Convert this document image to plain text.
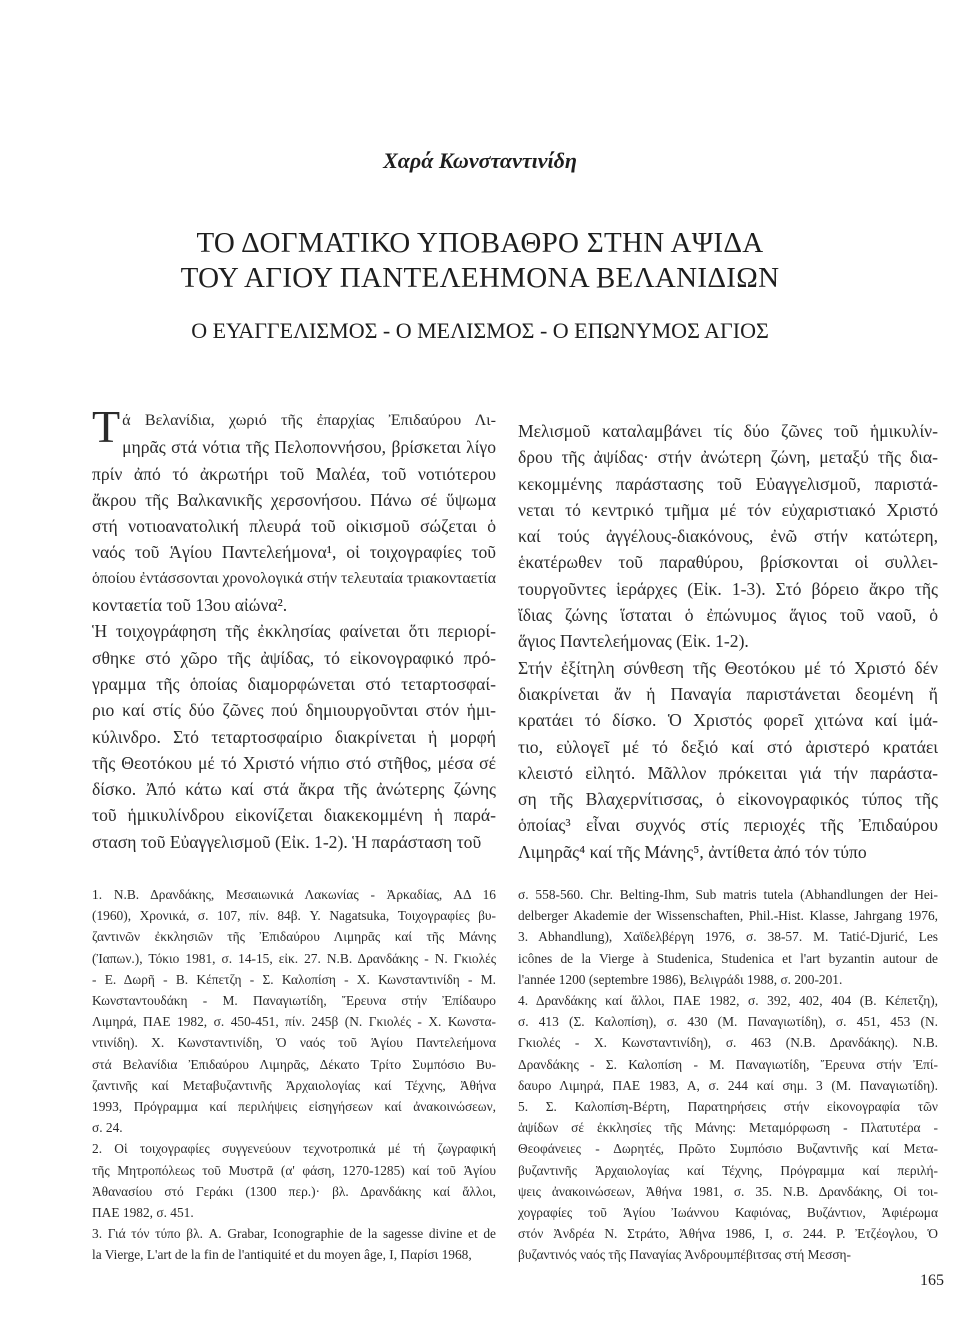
Χαρά Κωνσταντινίδη
ΤΟ ΔΟΓΜΑΤΙΚΟ ΥΠΟΒΑΘΡΟ ΣΤΗΝ ΑΨΙΔΑ
ΤΟΥ ΑΓΙΟΥ ΠΑΝΤΕΛΕΗΜΟΝΑ ΒΕΛΑΝΙΔΙΩΝ
Ο ΕΥΑΓΓΕΛΙΣΜΟΣ - Ο ΜΕΛΙΣΜΟΣ - Ο ΕΠΩΝΥΜΟΣ ΑΓΙΟΣ

Τ ά Βελανίδια, χωριό τῆς ἐπαρχίας Ἐπιδαύρου Λι-
μηρᾶς στά νότια τῆς Πελοποννήσου, βρίσκεται λίγο
πρίν ἀπό τό ἀκρωτήρι τοῦ Μαλέα, τοῦ νοτιότερου
ἄκρου τῆς Βαλκανικῆς χερσονήσου. Πάνω σέ ὕψωμα
στή νοτιοανατολική πλευρά τοῦ οἰκισμοῦ σώζεται ὁ
ναός τοῦ Ἁγίου Παντελεήμονα¹, οἱ τοιχογραφίες τοῦ
ὁποίου ἐντάσσονται χρονολογικά στήν τελευταία τριακονταετία
κονταετία τοῦ 13ου αἰώνα².

Ἡ τοιχογράφηση τῆς ἐκκλησίας φαίνεται ὅτι περιορί-
σθηκε στό χῶρο τῆς ἀψίδας, τό εἰκονογραφικό πρό-
γραμμα τῆς ὁποίας διαμορφώνεται στό τεταρτοσφαί-
ριο καί στίς δύο ζῶνες πού δημιουργοῦνται στόν ἡμι-
κύλινδρο. Στό τεταρτοσφαίριο διακρίνεται ἡ μορφή
τῆς Θεοτόκου μέ τό Χριστό νήπιο στό στῆθος, μέσα σέ
δίσκο. Ἀπό κάτω καί στά ἄκρα τῆς ἀνώτερης ζώνης
τοῦ ἡμικυλίνδρου εἰκονίζεται διακεκομμένη ἡ παρά-
σταση τοῦ Εὐαγγελισμοῦ (Εἰκ. 1-2). Ἡ παράσταση τοῦ

Μελισμοῦ καταλαμβάνει τίς δύο ζῶνες τοῦ ἡμικυλίν-
δρου τῆς ἀψίδας· στήν ἀνώτερη ζώνη, μεταξύ τῆς δια-
κεκομμένης παράστασης τοῦ Εὐαγγελισμοῦ, παριστά-
νεται τό κεντρικό τμῆμα μέ τόν εὐχαριστιακό Χριστό
καί τούς ἀγγέλους-διακόνους, ἐνῶ στήν κατώτερη,
ἑκατέρωθεν τοῦ παραθύρου, βρίσκονται οἱ συλλει-
τουργοῦντες ἱεράρχες (Εἰκ. 1-3). Στό βόρειο ἄκρο τῆς
ἴδιας ζώνης ἵσταται ὁ ἐπώνυμος ἅγιος τοῦ ναοῦ, ὁ
ἅγιος Παντελεήμονας (Εἰκ. 1-2).

Στήν ἐξίτηλη σύνθεση τῆς Θεοτόκου μέ τό Χριστό δέν
διακρίνεται ἄν ἡ Παναγία παριστάνεται δεομένη ἤ
κρατάει τό δίσκο. Ὁ Χριστός φορεῖ χιτώνα καί ἱμά-
τιο, εὐλογεῖ μέ τό δεξιό καί στό ἀριστερό κρατάει
κλειστό εἰλητό. Μᾶλλον πρόκειται γιά τήν παράστα-
ση τῆς Βλαχερνίτισσας, ὁ εἰκονογραφικός τύπος τῆς
ὁποίας³ εἶναι συχνός στίς περιοχές τῆς Ἐπιδαύρου
Λιμηρᾶς⁴ καί τῆς Μάνης⁵, ἀντίθετα ἀπό τόν τύπο

1. Ν.Β. Δρανδάκης, Μεσαιωνικά Λακωνίας - Ἀρκαδίας, ΑΔ 16
(1960), Χρονικά, σ. 107, πίν. 84β. Y. Nagatsuka, Τοιχογραφίες βυ-
ζαντινῶν ἐκκλησιῶν τῆς Ἐπιδαύρου Λιμηρᾶς καί τῆς Μάνης
(Ἰαπων.), Τόκιο 1981, σ. 14-15, εἰκ. 27. Ν.Β. Δρανδάκης - Ν. Γκιολές
- Ε. Δωρῆ - Β. Κέπετζη - Σ. Καλοπίση - Χ. Κωνσταντινίδη - Μ.
Κωνσταντουδάκη - Μ. Παναγιωτίδη, Ἔρευνα στήν Ἐπίδαυρο
Λιμηρά, ΠΑΕ 1982, σ. 450-451, πίν. 245β (Ν. Γκιολές - Χ. Κωνστα-
ντινίδη). Χ. Κωνσταντινίδη, Ὁ ναός τοῦ Ἁγίου Παντελεήμονα
στά Βελανίδια Ἐπιδαύρου Λιμηρᾶς, Δέκατο Τρίτο Συμπόσιο Βυ-
ζαντινῆς καί Μεταβυζαντινῆς Ἀρχαιολογίας καί Τέχνης, Ἀθήνα
1993, Πρόγραμμα καί περιλήψεις εἰσηγήσεων καί ἀνακοινώσεων,
σ. 24.

2. Οἱ τοιχογραφίες συγγενεύουν τεχνοτροπικά μέ τή ζωγραφική
τῆς Μητροπόλεως τοῦ Μυστρᾶ (α' φάση, 1270-1285) καί τοῦ Ἁγίου
Ἀθανασίου στό Γεράκι (1300 περ.)· βλ. Δρανδάκης καί ἄλλοι,
ΠΑΕ 1982, σ. 451.

3. Γιά τόν τύπο βλ. A. Grabar, Iconographie de la sagesse divine et de
la Vierge, L'art de la fin de l'antiquité et du moyen âge, I, Παρίσι 1968,

σ. 558-560. Chr. Belting-Ihm, Sub matris tutela (Abhandlungen der Hei-
delberger Akademie der Wissenschaften, Phil.-Hist. Klasse, Jahrgang 1976,
3. Abhandlung), Χαϊδελβέργη 1976, σ. 38-57. M. Tatić-Djurić, Les
icônes de la Vierge à Studenica, Studenica et l'art byzantin autour de
l'année 1200 (septembre 1986), Βελιγράδι 1988, σ. 200-201.

4. Δρανδάκης καί ἄλλοι, ΠΑΕ 1982, σ. 392, 402, 404 (Β. Κέπετζη),
σ. 413 (Σ. Καλοπίση), σ. 430 (Μ. Παναγιωτίδη), σ. 451, 453 (Ν.
Γκιολές - Χ. Κωνσταντινίδη), σ. 463 (Ν.Β. Δρανδάκης). Ν.Β.
Δρανδάκης - Σ. Καλοπίση - Μ. Παναγιωτίδη, Ἔρευνα στήν Ἐπί-
δαυρο Λιμηρά, ΠΑΕ 1983, Α, σ. 244 καί σημ. 3 (Μ. Παναγιωτίδη).
5. Σ. Καλοπίση-Βέρτη, Παρατηρήσεις στήν εἰκονογραφία τῶν
ἀψίδων σέ ἐκκλησίες τῆς Μάνης: Μεταμόρφωση - Πλατυτέρα -
Θεοφάνειες - Δωρητές, Πρῶτο Συμπόσιο Βυζαντινῆς καί Μετα-
βυζαντινῆς Ἀρχαιολογίας καί Τέχνης, Πρόγραμμα καί περιλή-
ψεις ἀνακοινώσεων, Ἀθήνα 1981, σ. 35. Ν.Β. Δρανδάκης, Οἱ τοι-
χογραφίες τοῦ Ἁγίου Ἰωάννου Καφιόνας, Βυζάντιον, Ἀφιέρωμα
στόν Ἀνδρέα Ν. Στράτο, Ἀθήνα 1986, Ι, σ. 244. Ρ. Ἐτζέογλου, Ὁ
βυζαντινός ναός τῆς Παναγίας Ἀνδρουμπέβιτσας στή Μεσση-

165
